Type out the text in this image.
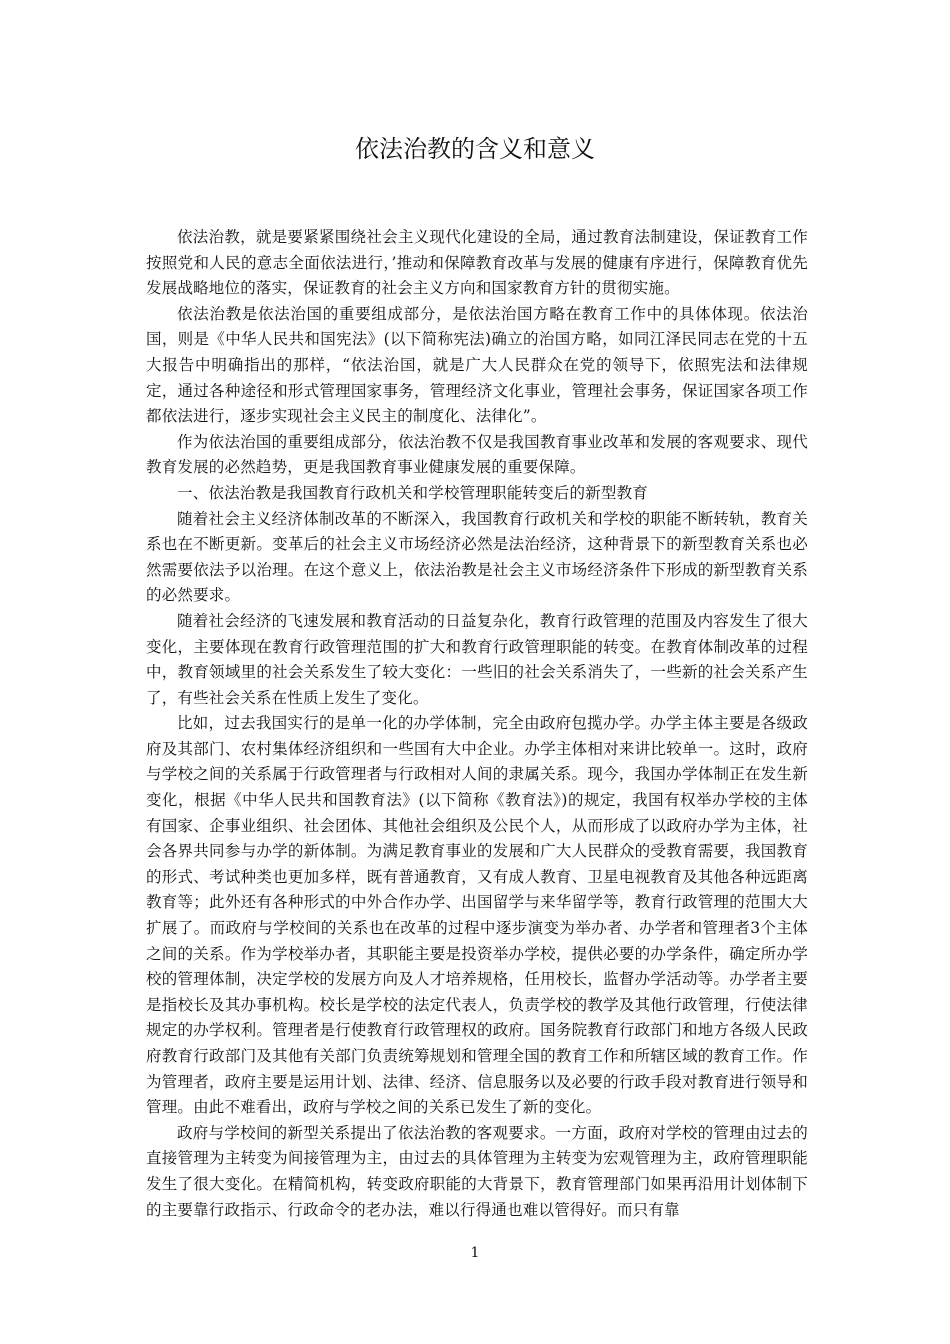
依法治教的含义和意义

依法治教，就是要紧紧围绕社会主义现代化建设的全局，通过教育法制建设，保证教育工作按照党和人民的意志全面依法进行，’推动和保障教育改革与发展的健康有序进行，保障教育优先发展战略地位的落实，保证教育的社会主义方向和国家教育方针的贯彻实施。

依法治教是依法治国的重要组成部分，是依法治国方略在教育工作中的具体体现。依法治国，则是《中华人民共和国宪法》(以下简称宪法)确立的治国方略，如同江泽民同志在党的十五大报告中明确指出的那样，“依法治国，就是广大人民群众在党的领导下，依照宪法和法律规定，通过各种途径和形式管理国家事务，管理经济文化事业，管理社会事务，保证国家各项工作都依法进行，逐步实现社会主义民主的制度化、法律化”。

作为依法治国的重要组成部分，依法治教不仅是我国教育事业改革和发展的客观要求、现代教育发展的必然趋势，更是我国教育事业健康发展的重要保障。

一、依法治教是我国教育行政机关和学校管理职能转变后的新型教育

随着社会主义经济体制改革的不断深入，我国教育行政机关和学校的职能不断转轨，教育关系也在不断更新。变革后的社会主义市场经济必然是法治经济，这种背景下的新型教育关系也必然需要依法予以治理。在这个意义上，依法治教是社会主义市场经济条件下形成的新型教育关系的必然要求。

随着社会经济的飞速发展和教育活动的日益复杂化，教育行政管理的范围及内容发生了很大变化，主要体现在教育行政管理范围的扩大和教育行政管理职能的转变。在教育体制改革的过程中，教育领域里的社会关系发生了较大变化：一些旧的社会关系消失了，一些新的社会关系产生了，有些社会关系在性质上发生了变化。

比如，过去我国实行的是单一化的办学体制，完全由政府包揽办学。办学主体主要是各级政府及其部门、农村集体经济组织和一些国有大中企业。办学主体相对来讲比较单一。这时，政府与学校之间的关系属于行政管理者与行政相对人间的隶属关系。现今，我国办学体制正在发生新变化，根据《中华人民共和国教育法》(以下简称《教育法》)的规定，我国有权举办学校的主体有国家、企事业组织、社会团体、其他社会组织及公民个人，从而形成了以政府办学为主体，社会各界共同参与办学的新体制。为满足教育事业的发展和广大人民群众的受教育需要，我国教育的形式、考试种类也更加多样，既有普通教育，又有成人教育、卫星电视教育及其他各种远距离教育等；此外还有各种形式的中外合作办学、出国留学与来华留学等，教育行政管理的范围大大扩展了。而政府与学校间的关系也在改革的过程中逐步演变为举办者、办学者和管理者3个主体之间的关系。作为学校举办者，其职能主要是投资举办学校，提供必要的办学条件，确定所办学校的管理体制，决定学校的发展方向及人才培养规格，任用校长，监督办学活动等。办学者主要是指校长及其办事机构。校长是学校的法定代表人，负责学校的教学及其他行政管理，行使法律规定的办学权利。管理者是行使教育行政管理权的政府。国务院教育行政部门和地方各级人民政府教育行政部门及其他有关部门负责统筹规划和管理全国的教育工作和所辖区域的教育工作。作为管理者，政府主要是运用计划、法律、经济、信息服务以及必要的行政手段对教育进行领导和管理。由此不难看出，政府与学校之间的关系已发生了新的变化。

政府与学校间的新型关系提出了依法治教的客观要求。一方面，政府对学校的管理由过去的直接管理为主转变为间接管理为主，由过去的具体管理为主转变为宏观管理为主，政府管理职能发生了很大变化。在精简机构，转变政府职能的大背景下，教育管理部门如果再沿用计划体制下的主要靠行政指示、行政命令的老办法，难以行得通也难以管得好。而只有靠

1
